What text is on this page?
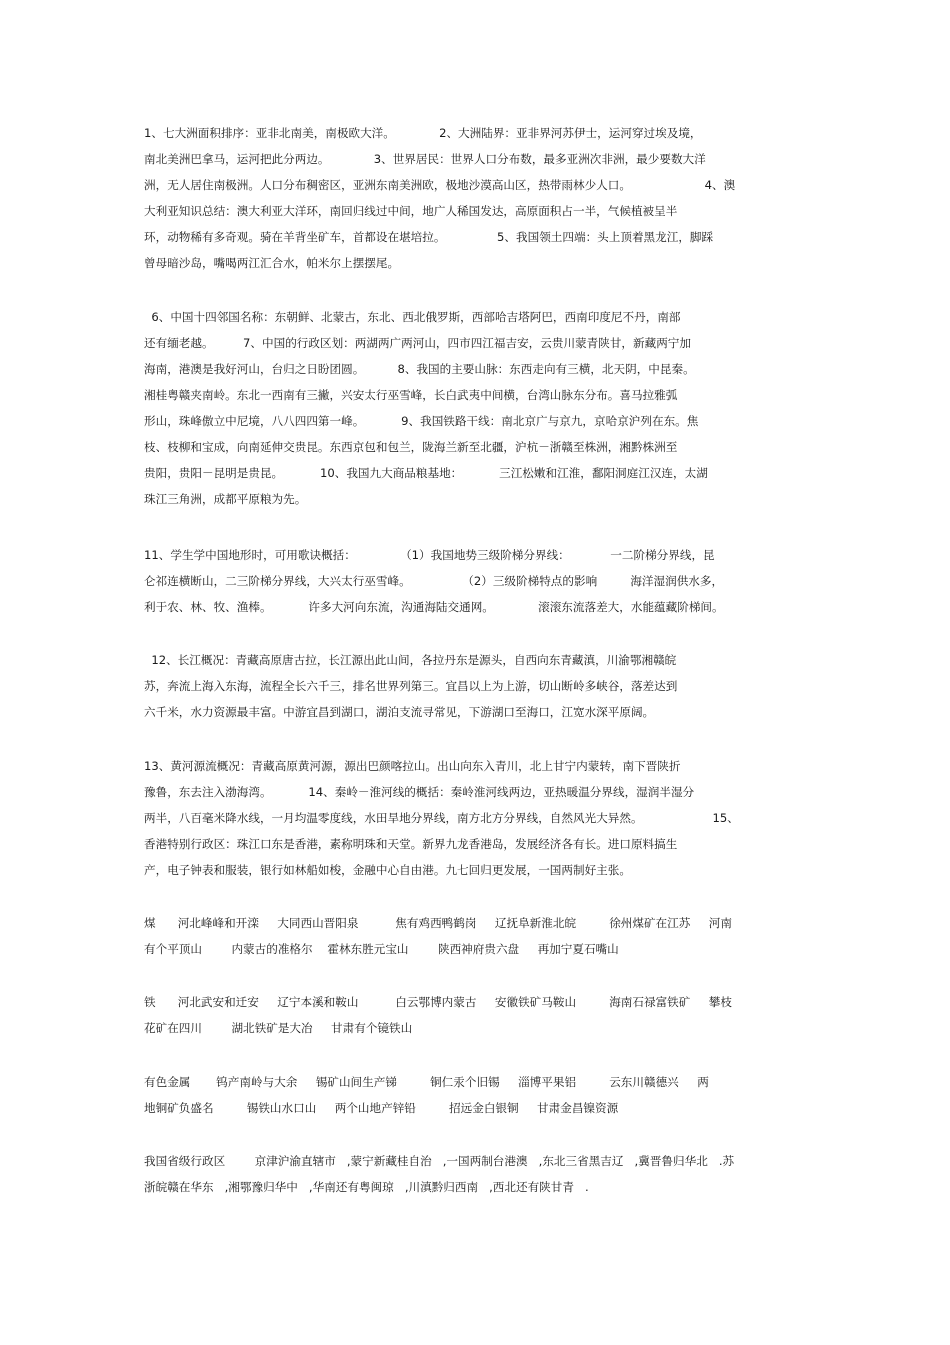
1、七大洲面积排序：亚非北南美，南极欧大洋。            2、大洲陆界：亚非界河苏伊士，运河穿过埃及境，
南北美洲巴拿马，运河把此分两边。            3、世界居民：世界人口分布数，最多亚洲次非洲，最少要数大洋
洲，无人居住南极洲。人口分布稠密区，亚洲东南美洲欧，极地沙漠高山区，热带雨林少人口。                    4、澳
大利亚知识总结：澳大利亚大洋环，南回归线过中间，地广人稀国发达，高原面积占一半，气候植被呈半
环，动物稀有多奇观。骑在羊背坐矿车，首都设在堪培拉。              5、我国领土四端：头上顶着黑龙江，脚踩
曾母暗沙岛，嘴喝两江汇合水，帕米尔上摆摆尾。
6、中国十四邻国名称：东朝鲜、北蒙古，东北、西北俄罗斯，西部哈吉塔阿巴，西南印度尼不丹，南部
还有缅老越。        7、中国的行政区划：两湖两广两河山，四市四江福吉安，云贵川蒙青陕甘，新藏两宁加
海南，港澳是我好河山，台归之日盼团圆。         8、我国的主要山脉：东西走向有三横，北天阴，中昆秦。
湘桂粤赣夹南岭。东北一西南有三撇，兴安太行巫雪峰，长白武夷中间横，台湾山脉东分布。喜马拉雅弧
形山，珠峰傲立中尼境，八八四四第一峰。          9、我国铁路干线：南北京广与京九，京哈京沪列在东。焦
枝、枝柳和宝成，向南延伸交贵昆。东西京包和包兰，陇海兰新至北疆，沪杭－浙赣至株洲，湘黔株洲至
贵阳，贵阳－昆明是贵昆。          10、我国九大商品粮基地：          三江松嫩和江淮，鄱阳洞庭江汉连，太湖
珠江三角洲，成都平原粮为先。
11、学生学中国地形时，可用歌诀概括：            （1）我国地势三级阶梯分界线：           一二阶梯分界线，昆
仑祁连横断山，二三阶梯分界线，大兴太行巫雪峰。              （2）三级阶梯特点的影响         海洋湿润供水多，
利于农、林、牧、渔棒。          许多大河向东流，沟通海陆交通网。            滚滚东流落差大，水能蕴藏阶梯间。
12、长江概况：青藏高原唐古拉，长江源出此山间，各拉丹东是源头，自西向东青藏滇，川渝鄂湘赣皖
苏，奔流上海入东海，流程全长六千三，排名世界列第三。宜昌以上为上游，切山断岭多峡谷，落差达到
六千米，水力资源最丰富。中游宜昌到湖口，湖泊支流寻常见，下游湖口至海口，江宽水深平原阔。
13、黄河源流概况：青藏高原黄河源，源出巴颜喀拉山。出山向东入青川，北上甘宁内蒙转，南下晋陕折
豫鲁，东去注入渤海湾。          14、秦岭－淮河线的概括：秦岭淮河线两边，亚热暖温分界线，湿润半湿分
两半，八百毫米降水线，一月均温零度线，水田旱地分界线，南方北方分界线，自然风光大异然。                   15、
香港特别行政区：珠江口东是香港，素称明珠和天堂。新界九龙香港岛，发展经济各有长。进口原料搞生
产，电子钟表和服装，银行如林船如梭，金融中心自由港。九七回归更发展，一国两制好主张。
煤      河北峰峰和开滦     大同西山晋阳泉          焦有鸡西鸭鹤岗     辽抚阜新淮北皖         徐州煤矿在江苏     河南
有个平顶山        内蒙古的准格尔    霍林东胜元宝山        陕西神府贵六盘     再加宁夏石嘴山
铁      河北武安和迁安     辽宁本溪和鞍山          白云鄂博内蒙古     安徽铁矿马鞍山         海南石禄富铁矿     攀枝
花矿在四川        湖北铁矿是大冶     甘肃有个镜铁山
有色金属       钨产南岭与大余     锡矿山间生产锑         铜仁汞个旧锡     淄博平果铝         云东川赣德兴     两
地铜矿负盛名         锡铁山水口山     两个山地产锌铅         招远金白银铜     甘肃金昌镍资源
我国省级行政区        京津沪渝直辖市   ,蒙宁新藏桂自治   ,一国两制台港澳   ,东北三省黑吉辽   ,冀晋鲁归华北   .苏
浙皖赣在华东   ,湘鄂豫归华中   ,华南还有粤闽琼   ,川滇黔归西南   ,西北还有陕甘青   .
